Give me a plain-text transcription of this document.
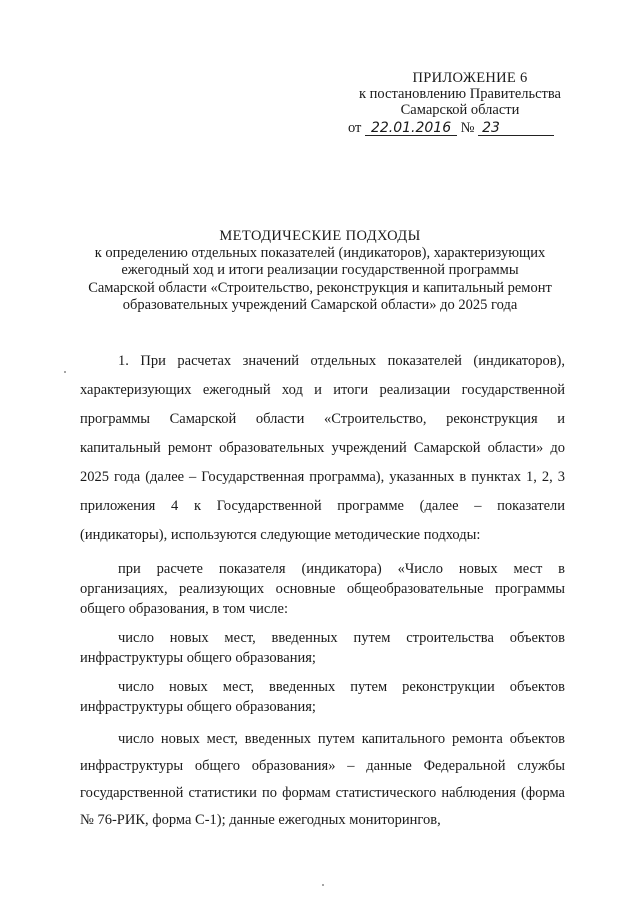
ПРИЛОЖЕНИЕ 6
к постановлению Правительства
Самарской области
от 22.01.2016 № 23
МЕТОДИЧЕСКИЕ ПОДХОДЫ
к определению отдельных показателей (индикаторов), характеризующих
ежегодный ход и итоги реализации государственной программы
Самарской области «Строительство, реконструкция и капитальный ремонт
образовательных учреждений Самарской области» до 2025 года

1. При расчетах значений отдельных показателей (индикаторов), характеризующих ежегодный ход и итоги реализации государственной программы Самарской области «Строительство, реконструкция и капитальный ремонт образовательных учреждений Самарской области» до 2025 года (далее – Государственная программа), указанных в пунктах 1, 2, 3 приложения 4 к Государственной программе (далее – показатели (индикаторы), используются следующие методические подходы:

при расчете показателя (индикатора) «Число новых мест в организациях, реализующих основные общеобразовательные программы общего образования, в том числе:

число новых мест, введенных путем строительства объектов инфраструктуры общего образования;

число новых мест, введенных путем реконструкции объектов инфраструктуры общего образования;

число новых мест, введенных путем капитального ремонта объектов инфраструктуры общего образования» – данные Федеральной службы государственной статистики по формам статистического наблюдения (форма № 76-РИК, форма С-1); данные ежегодных мониторингов,
